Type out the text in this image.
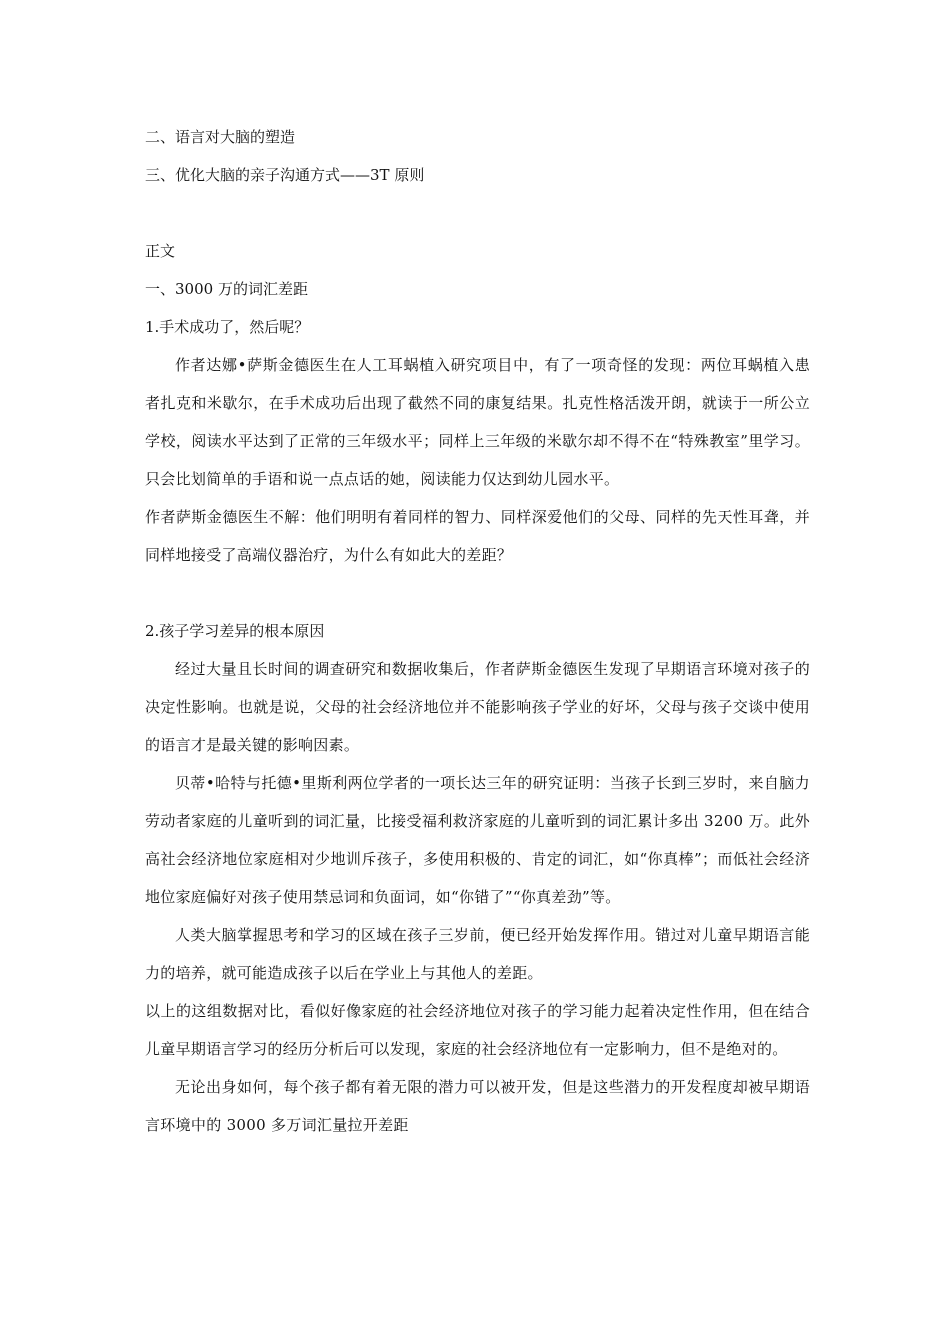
二、语言对大脑的塑造
三、优化大脑的亲子沟通方式——3T 原则
正文
一、3000 万的词汇差距
1.手术成功了，然后呢？
作者达娜•萨斯金德医生在人工耳蜗植入研究项目中，有了一项奇怪的发现：两位耳蜗植入患者扎克和米歇尔，在手术成功后出现了截然不同的康复结果。扎克性格活泼开朗，就读于一所公立学校，阅读水平达到了正常的三年级水平；同样上三年级的米歇尔却不得不在“特殊教室”里学习。只会比划简单的手语和说一点点话的她，阅读能力仅达到幼儿园水平。
作者萨斯金德医生不解：他们明明有着同样的智力、同样深爱他们的父母、同样的先天性耳聋，并同样地接受了高端仪器治疗，为什么有如此大的差距？
2.孩子学习差异的根本原因
经过大量且长时间的调查研究和数据收集后，作者萨斯金德医生发现了早期语言环境对孩子的决定性影响。也就是说，父母的社会经济地位并不能影响孩子学业的好坏，父母与孩子交谈中使用的语言才是最关键的影响因素。
贝蒂•哈特与托德•里斯利两位学者的一项长达三年的研究证明：当孩子长到三岁时，来自脑力劳动者家庭的儿童听到的词汇量，比接受福利救济家庭的儿童听到的词汇累计多出 3200 万。此外高社会经济地位家庭相对少地训斥孩子，多使用积极的、肯定的词汇，如“你真棒”；而低社会经济地位家庭偏好对孩子使用禁忌词和负面词，如“你错了”“你真差劲”等。
人类大脑掌握思考和学习的区域在孩子三岁前，便已经开始发挥作用。错过对儿童早期语言能力的培养，就可能造成孩子以后在学业上与其他人的差距。
以上的这组数据对比，看似好像家庭的社会经济地位对孩子的学习能力起着决定性作用，但在结合儿童早期语言学习的经历分析后可以发现，家庭的社会经济地位有一定影响力，但不是绝对的。
无论出身如何，每个孩子都有着无限的潜力可以被开发，但是这些潜力的开发程度却被早期语言环境中的 3000 多万词汇量拉开差距
